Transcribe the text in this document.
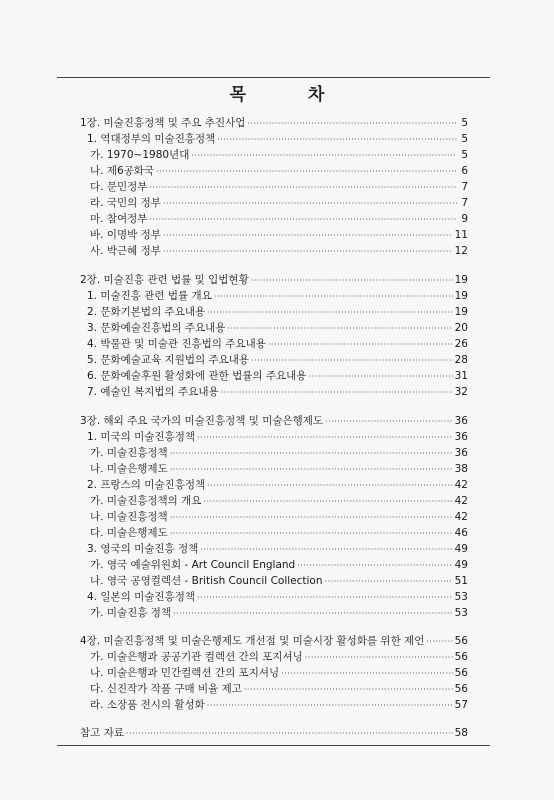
목 차
1장. 미술진흥정책 및 주요 추진사업 ·····	5
1. 역대정부의 미술진흥정책 ·····	5
가. 1970~1980년대 ·····	5
나. 제6공화국 ·····	6
다. 문민정부 ·····	7
라. 국민의 정부 ·····	7
마. 참여정부 ·····	9
바. 이명박 정부 ·····	11
사. 박근혜 정부 ·····	12
2장. 미술진흥 관련 법률 및 입법현황 ·····	19
1. 미술진흥 관련 법률 개요 ·····	19
2. 문화기본법의 주요내용 ·····	19
3. 문화예술진흥법의 주요내용 ·····	20
4. 박물관 및 미술관 진흥법의 주요내용 ·····	26
5. 문화예술교육 지원법의 주요내용 ·····	28
6. 문화예술후원 활성화에 관한 법률의 주요내용 ·····	31
7. 예술인 복지법의 주요내용 ·····	32
3장. 해외 주요 국가의 미술진흥정책 및 미술은행제도 ·····	36
1. 미국의 미술진흥정책 ·····	36
가. 미술진흥정책 ·····	36
나. 미술은행제도 ·····	38
2. 프랑스의 미술진흥정책 ·····	42
가. 미술진흥정책의 개요 ·····	42
나. 미술진흥정책 ·····	42
다. 미술은행제도 ·····	46
3. 영국의 미술진흥 정책 ·····	49
가. 영국 예술위원회 - Art Council England ·····	49
나. 영국 공영컬렉션 - British Council Collection ·····	51
4. 일본의 미술진흥정책 ·····	53
가. 미술진흥 정책 ·····	53
4장. 미술진흥정책 및 미술은행제도 개선점 및 미술시장 활성화를 위한 제언 ·····	56
가. 미술은행과 공공기관 컬렉션 간의 포지셔닝 ·····	56
나. 미술은행과 민간컬렉션 간의 포지셔닝 ·····	56
다. 신진작가 작품 구매 비율 제고 ·····	56
라. 소장품 전시의 활성화 ·····	57
참고 자료 ·····	58
